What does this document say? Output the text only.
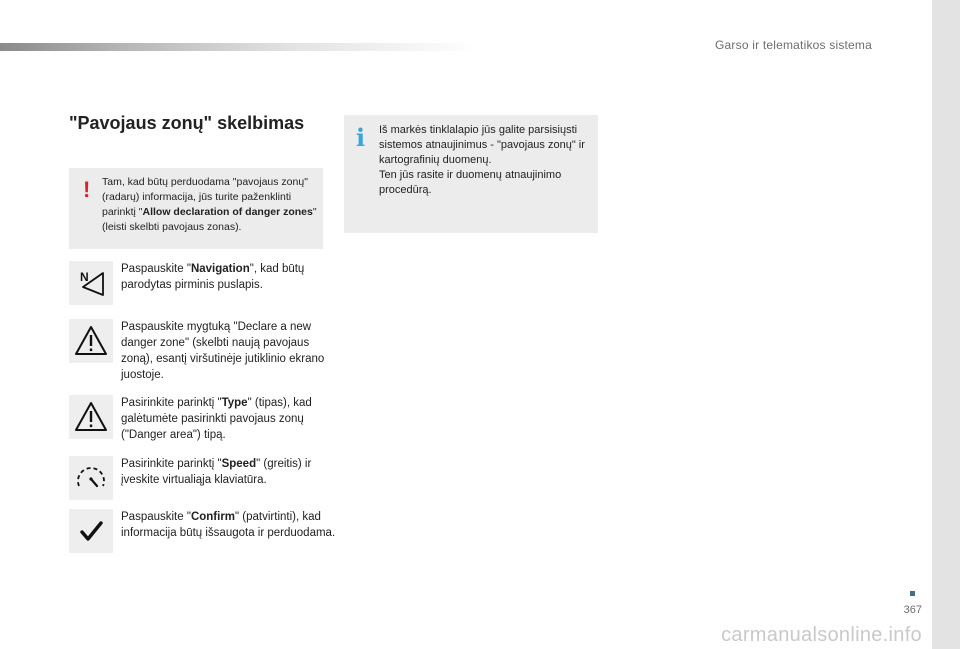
Garso ir telematikos sistema
367
"Pavojaus zonų" skelbimas
! Tam, kad būtų perduodama "pavojaus zonų" (radarų) informacija, jūs turite paženklinti parinktį "Allow declaration of danger zones" (leisti skelbti pavojaus zonas).
i Iš markės tinklalapio jūs galite parsisiųsti sistemos atnaujinimus - "pavojaus zonų" ir kartografinių duomenų.
Ten jūs rasite ir duomenų atnaujinimo procedūrą.
N
Paspauskite "Navigation", kad būtų parodytas pirminis puslapis.
Paspauskite mygtuką "Declare a new danger zone" (skelbti naują pavojaus zoną), esantį viršutinėje jutiklinio ekrano juostoje.
Pasirinkite parinktį "Type" (tipas), kad galėtumėte pasirinkti pavojaus zonų ("Danger area") tipą.
Pasirinkite parinktį "Speed" (greitis) ir įveskite virtualiąja klaviatūra.
Paspauskite "Confirm" (patvirtinti), kad informacija būtų išsaugota ir perduodama.
carmanualsonline.info
